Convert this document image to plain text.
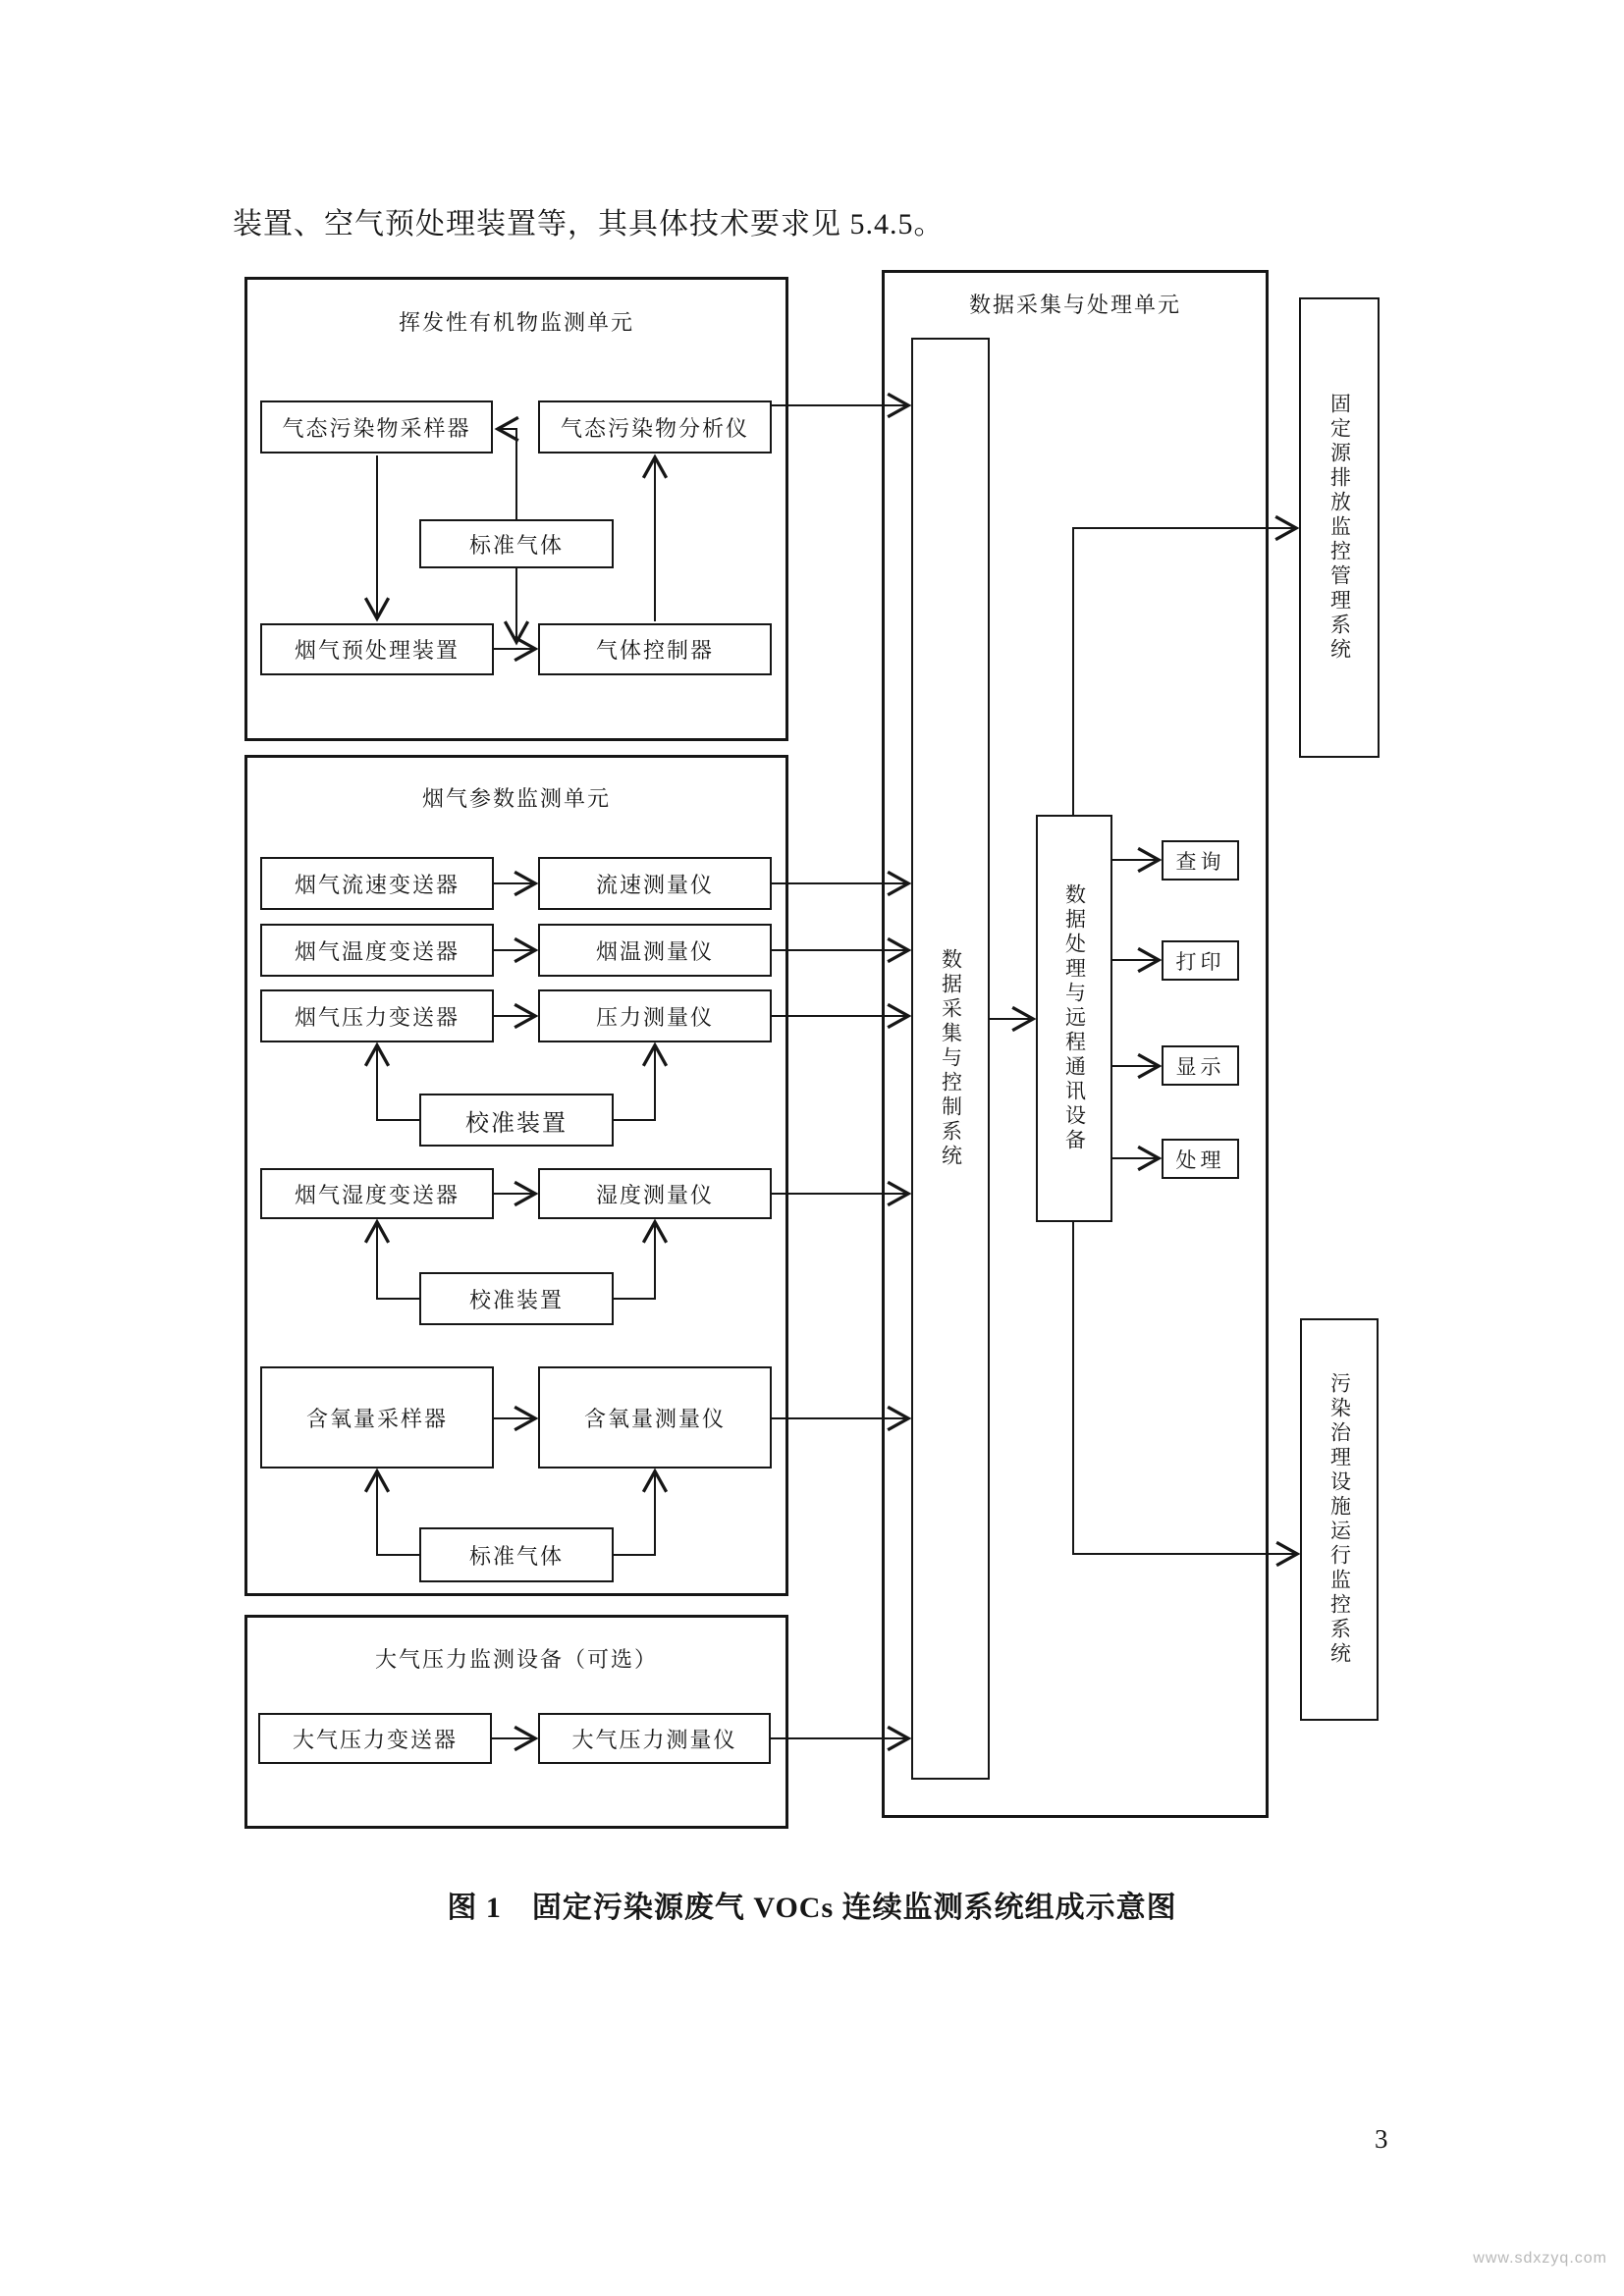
装置、空气预处理装置等，其具体技术要求见 5.4.5。

挥发性有机物监测单元
气态污染物采样器	气态污染物分析仪
标准气体
烟气预处理装置	气体控制器
烟气参数监测单元
烟气流速变送器	流速测量仪
烟气温度变送器	烟温测量仪
烟气压力变送器	压力测量仪
校准装置
烟气湿度变送器	湿度测量仪
校准装置
含氧量采样器	含氧量测量仪
标准气体
大气压力监测设备（可选）
大气压力变送器	大气压力测量仪
数据采集与处理单元
数据采集与控制系统	数据处理与远程通讯设备
查询
打印
显示
处理
固定源排放监控管理系统
污染治理设施运行监控系统

图 1　固定污染源废气 VOCs 连续监测系统组成示意图

3
www.sdxzyq.com
